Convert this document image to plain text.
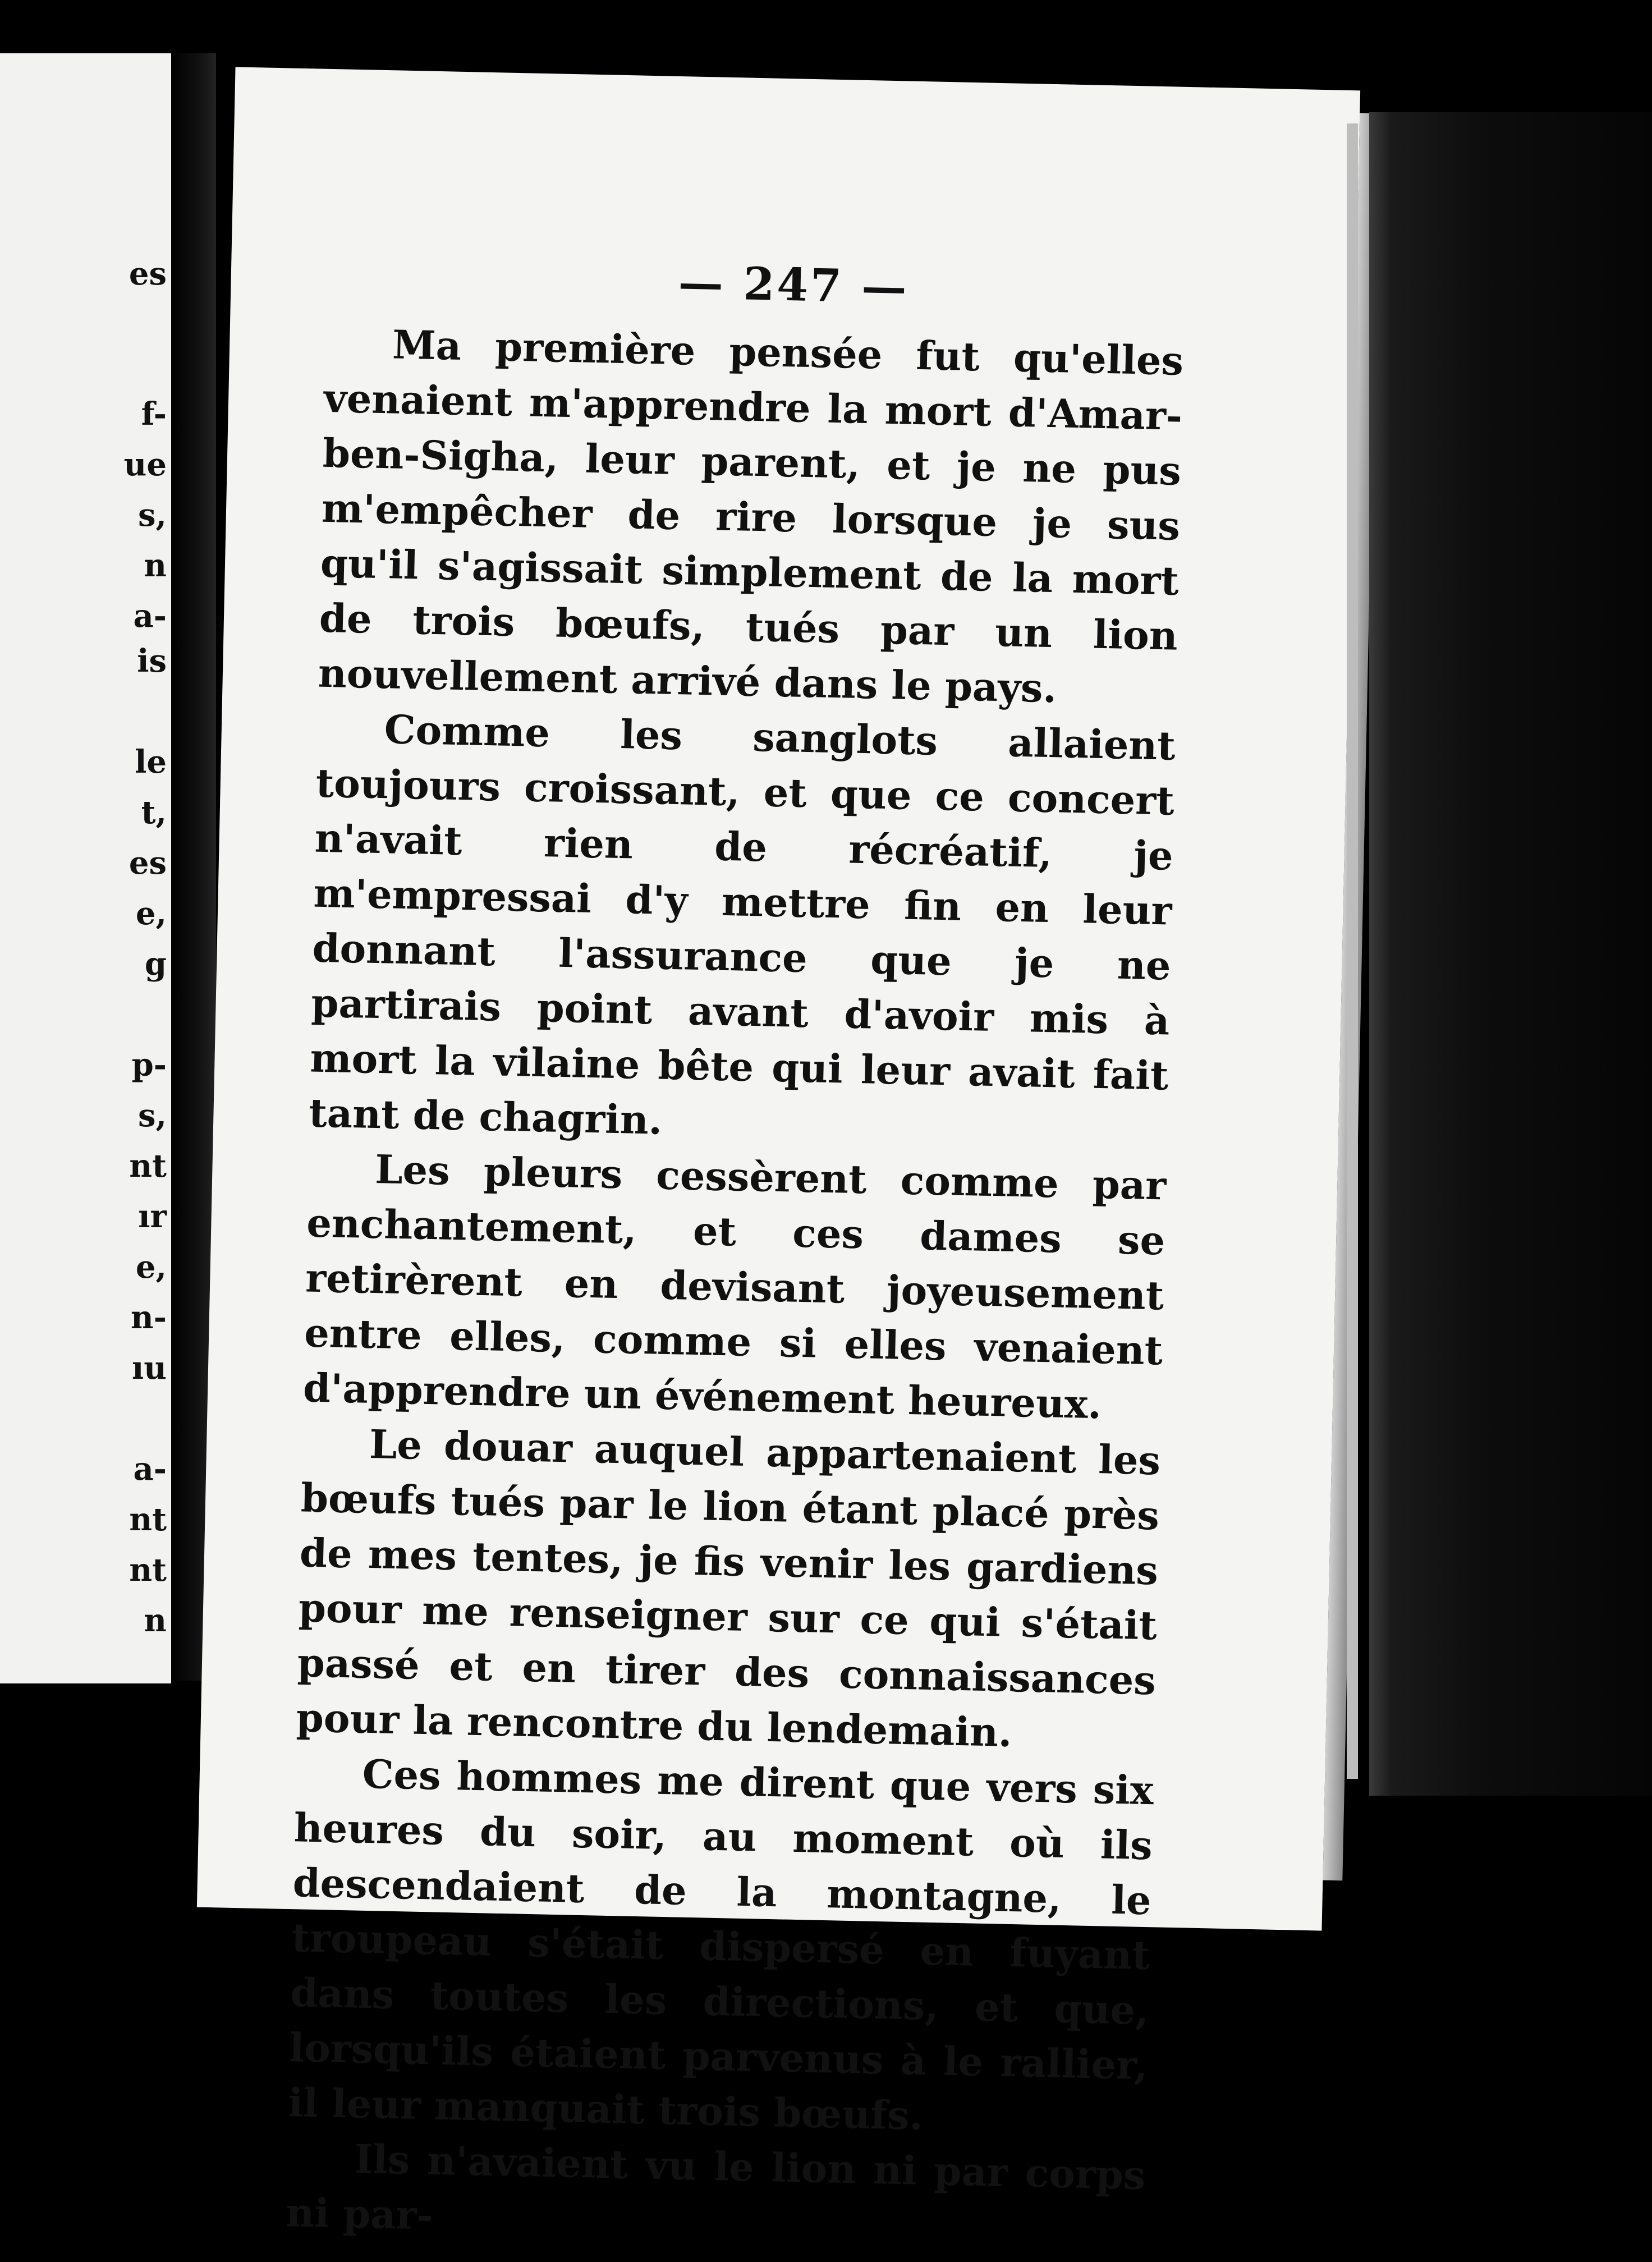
es
f-
ue
s,
n
a-
is
le
t,
es
e,
g
p-
s,
nt
ır
e,
n-
ıu
a-
nt
nt
n
— 247 —

Ma première pensée fut qu'elles venaient m'apprendre la mort d'Amar-ben-Sigha, leur parent, et je ne pus m'empêcher de rire lorsque je sus qu'il s'agissait simplement de la mort de trois bœufs, tués par un lion nouvellement arrivé dans le pays.

Comme les sanglots allaient toujours croissant, et que ce concert n'avait rien de récréatif, je m'empressai d'y mettre fin en leur donnant l'assurance que je ne partirais point avant d'avoir mis à mort la vilaine bête qui leur avait fait tant de chagrin.

Les pleurs cessèrent comme par enchantement, et ces dames se retirèrent en devisant joyeusement entre elles, comme si elles venaient d'apprendre un événement heureux.

Le douar auquel appartenaient les bœufs tués par le lion étant placé près de mes tentes, je fis venir les gardiens pour me renseigner sur ce qui s'était passé et en tirer des connaissances pour la rencontre du lendemain.

Ces hommes me dirent que vers six heures du soir, au moment où ils descendaient de la montagne, le troupeau s'était dispersé en fuyant dans toutes les directions, et que, lorsqu'ils étaient parvenus à le rallier, il leur manquait trois bœufs.

Ils n'avaient vu le lion ni par corps ni par-
